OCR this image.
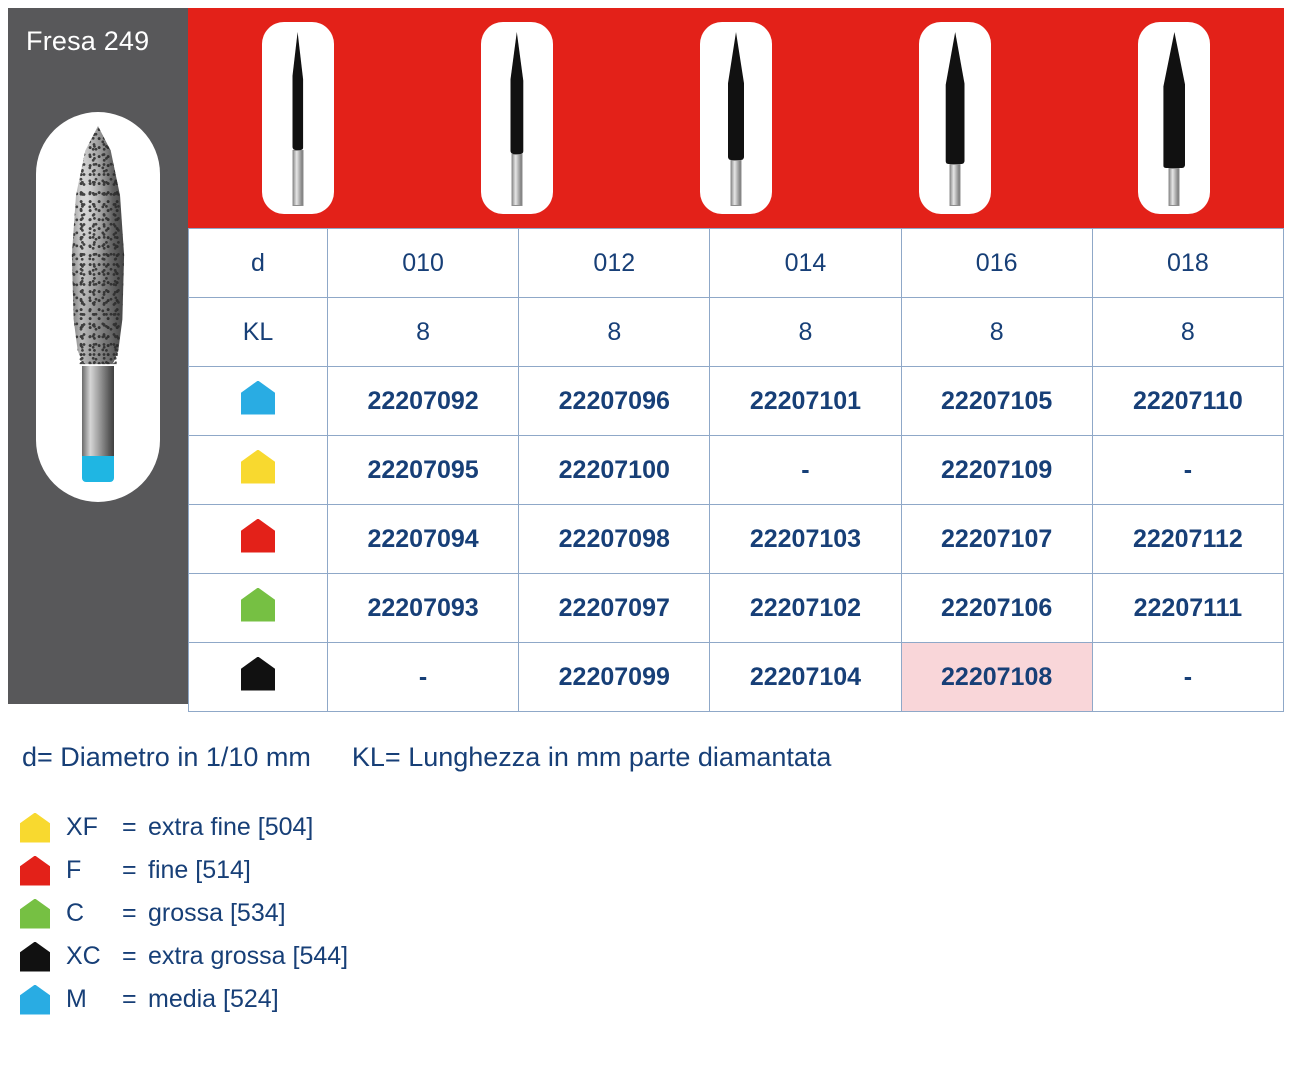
Fresa 249
d	010	012	014	016	018
KL	8	8	8	8	8

	22207092	22207096	22207101	22207105	22207110

	22207095	22207100	-	22207109	-

	22207094	22207098	22207103	22207107	22207112

	22207093	22207097	22207102	22207106	22207111

	-	22207099	22207104	22207108	-
d= Diametro in 1/10 mm KL= Lunghezza in mm parte diamantata
XF = extra fine [504]
F	= fine [514]
C	= grossa [534]
XC = extra grossa [544]
M	= media [524]
